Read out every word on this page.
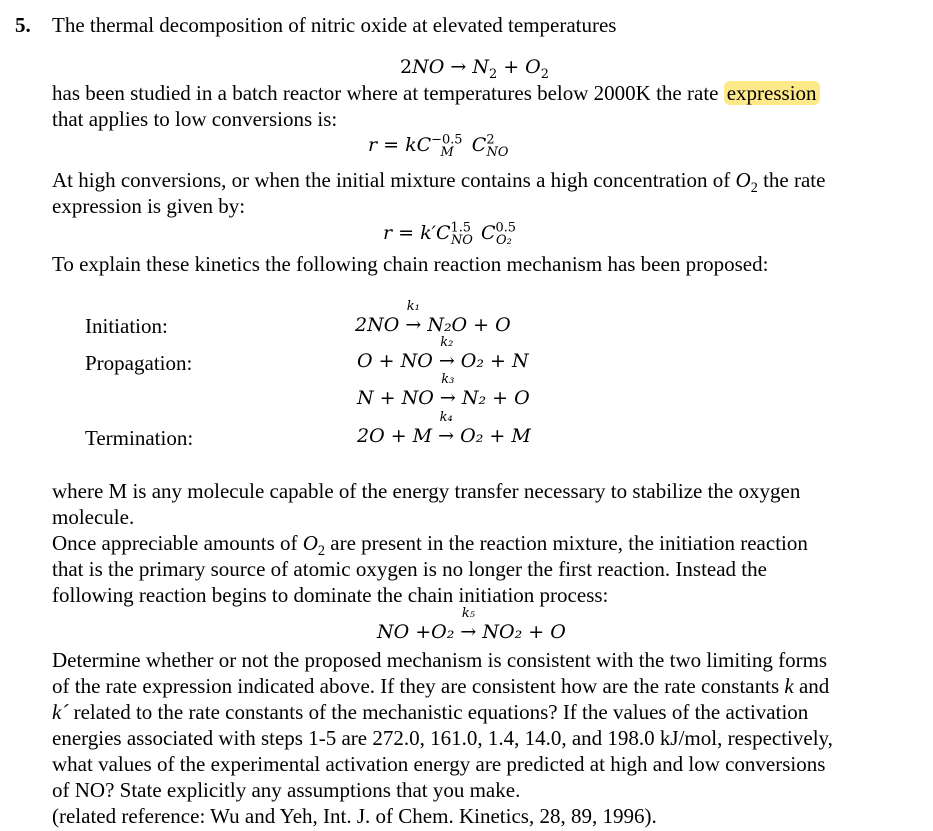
5. The thermal decomposition of nitric oxide at elevated temperatures
$2NO \to N_2 + O_2$
has been studied in a batch reactor where at temperatures below 2000K the rate expression
that applies to low conversions is:
$r = kC^{-0.5}_M$ $C^2_{NO}$
At high conversions, or when the initial mixture contains a high concentration of $O_2$ the rate
expression is given by:
$r = k'C^{1.5}_{NO}$ $C^{0.5}_{O_2}$
To explain these kinetics the following chain reaction mechanism has been proposed:
Initiation:
Propagation:
Termination:
2NO
k₁
→ N₂O + O
O + NO
k₂
→ O₂ + N
N + NO
k₃
→ N₂ + O
2O + M
k₄
→ O₂ + M
where M is any molecule capable of the energy transfer necessary to stabilize the oxygen
molecule.
Once appreciable amounts of $O_2$ are present in the reaction mixture, the initiation reaction
that is the primary source of atomic oxygen is no longer the first reaction. Instead the
following reaction begins to dominate the chain initiation process:
NO +O₂
k₅
→ NO₂ + O
Determine whether or not the proposed mechanism is consistent with the two limiting forms
of the rate expression indicated above. If they are consistent how are the rate constants k and
k´ related to the rate constants of the mechanistic equations? If the values of the activation
energies associated with steps 1-5 are 272.0, 161.0, 1.4, 14.0, and 198.0 kJ/mol, respectively,
what values of the experimental activation energy are predicted at high and low conversions
of NO? State explicitly any assumptions that you make.
(related reference: Wu and Yeh, Int. J. of Chem. Kinetics, 28, 89, 1996).
